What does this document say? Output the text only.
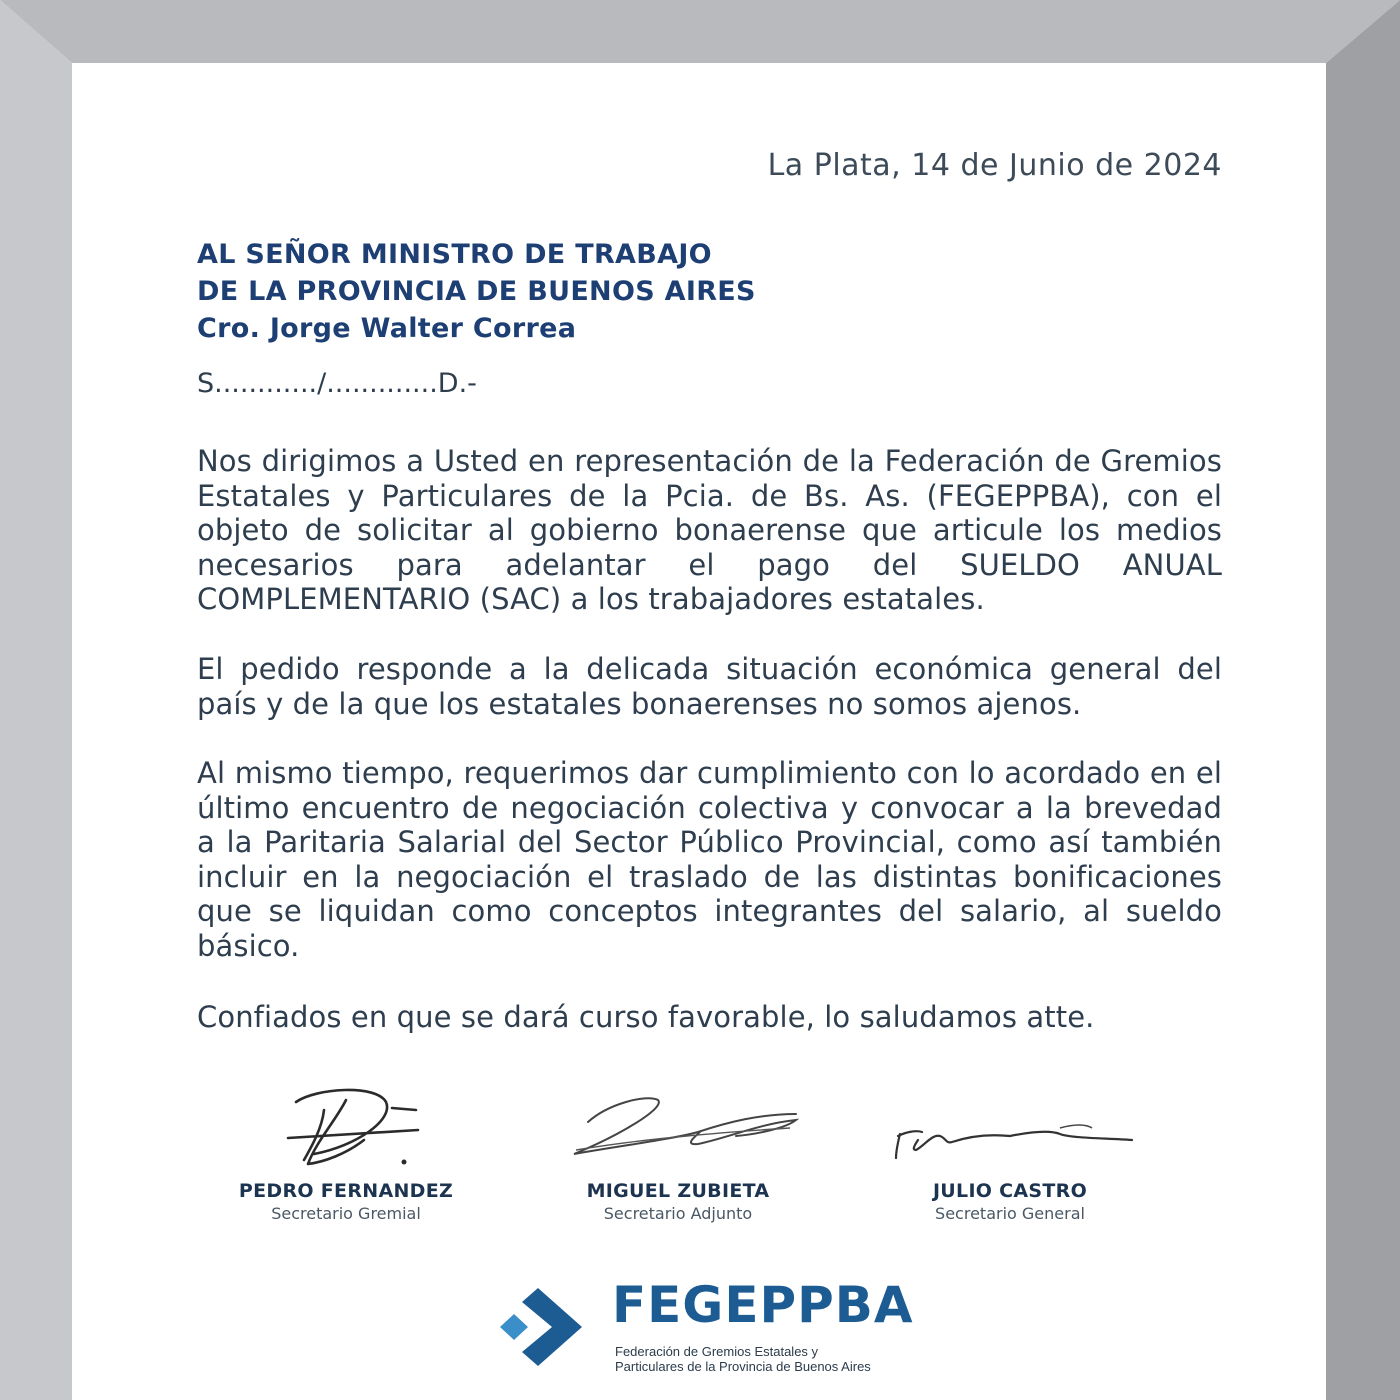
La Plata, 14 de Junio de 2024
AL SEÑOR MINISTRO DE TRABAJO
DE LA PROVINCIA DE BUENOS AIRES
Cro. Jorge Walter Correa
S............/.............D.-
Nos dirigimos a Usted en representación de la Federación de Gremios Estatales y Particulares de la Pcia. de Bs. As. (FEGEPPBA), con el objeto de solicitar al gobierno bonaerense que articule los medios necesarios para adelantar el pago del SUELDO ANUAL COMPLEMENTARIO (SAC) a los trabajadores estatales.
El pedido responde a la delicada situación económica general del país y de la que los estatales bonaerenses no somos ajenos.
Al mismo tiempo, requerimos dar cumplimiento con lo acordado en el último encuentro de negociación colectiva y convocar a la brevedad a la Paritaria Salarial del Sector Público Provincial, como así también incluir en la negociación el traslado de las distintas bonificaciones que se liquidan como conceptos integrantes del salario, al sueldo básico.
Confiados en que se dará curso favorable, lo saludamos atte.
PEDRO FERNANDEZ
Secretario Gremial
MIGUEL ZUBIETA
Secretario Adjunto
JULIO CASTRO
Secretario General
FEGEPPBA
Federación de Gremios Estatales y
Particulares de la Provincia de Buenos Aires
